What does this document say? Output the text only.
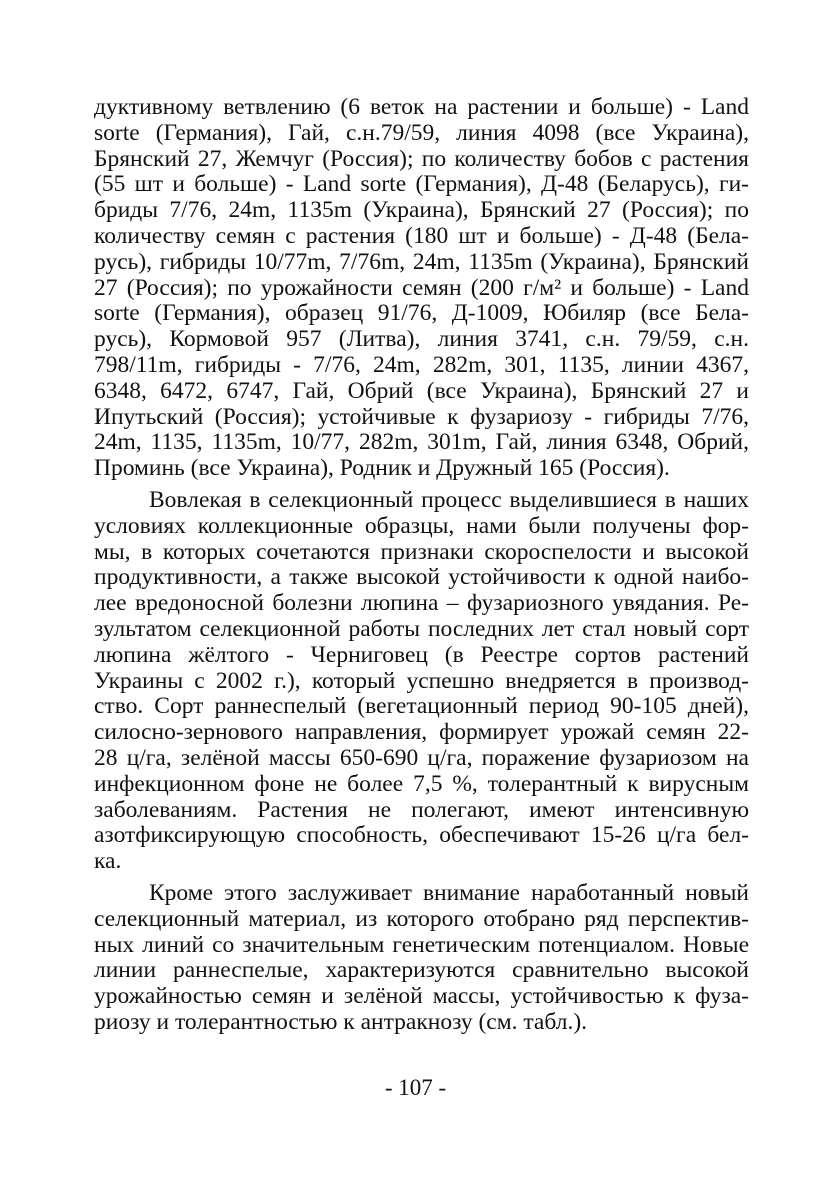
дуктивному ветвлению (6 веток на растении и больше) - Land
sorte (Германия), Гай, с.н.79/59, линия 4098 (все Украина),
Брянский 27, Жемчуг (Россия); по количеству бобов с растения
(55 шт и больше) - Land sorte (Германия), Д-48 (Беларусь), ги-
бриды 7/76, 24m, 1135m (Украина), Брянский 27 (Россия); по
количеству семян с растения (180 шт и больше) - Д-48 (Бела-
русь), гибриды 10/77m, 7/76m, 24m, 1135m (Украина), Брянский
27 (Россия); по урожайности семян (200 г/м² и больше) - Land
sorte (Германия), образец 91/76, Д-1009, Юбиляр (все Бела-
русь), Кормовой 957 (Литва), линия 3741, с.н. 79/59, с.н.
798/11m, гибриды - 7/76, 24m, 282m, 301, 1135, линии 4367,
6348, 6472, 6747, Гай, Обрий (все Украина), Брянский 27 и
Ипутьский (Россия); устойчивые к фузариозу - гибриды 7/76,
24m, 1135, 1135m, 10/77, 282m, 301m, Гай, линия 6348, Обрий,
Проминь (все Украина), Родник и Дружный 165 (Россия).
Вовлекая в селекционный процесс выделившиеся в наших
условиях коллекционные образцы, нами были получены фор-
мы, в которых сочетаются признаки скороспелости и высокой
продуктивности, а также высокой устойчивости к одной наибо-
лее вредоносной болезни люпина – фузариозного увядания. Ре-
зультатом селекционной работы последних лет стал новый сорт
люпина жёлтого - Черниговец (в Реестре сортов растений
Украины с 2002 г.), который успешно внедряется в производ-
ство. Сорт раннеспелый (вегетационный период 90-105 дней),
силосно-зернового направления, формирует урожай семян 22-
28 ц/га, зелёной массы 650-690 ц/га, поражение фузариозом на
инфекционном фоне не более 7,5 %, толерантный к вирусным
заболеваниям. Растения не полегают, имеют интенсивную
азотфиксирующую способность, обеспечивают 15-26 ц/га бел-
ка.
Кроме этого заслуживает внимание наработанный новый
селекционный материал, из которого отобрано ряд перспектив-
ных линий со значительным генетическим потенциалом. Новые
линии раннеспелые, характеризуются сравнительно высокой
урожайностью семян и зелёной массы, устойчивостью к фуза-
риозу и толерантностью к антракнозу (см. табл.).
- 107 -
